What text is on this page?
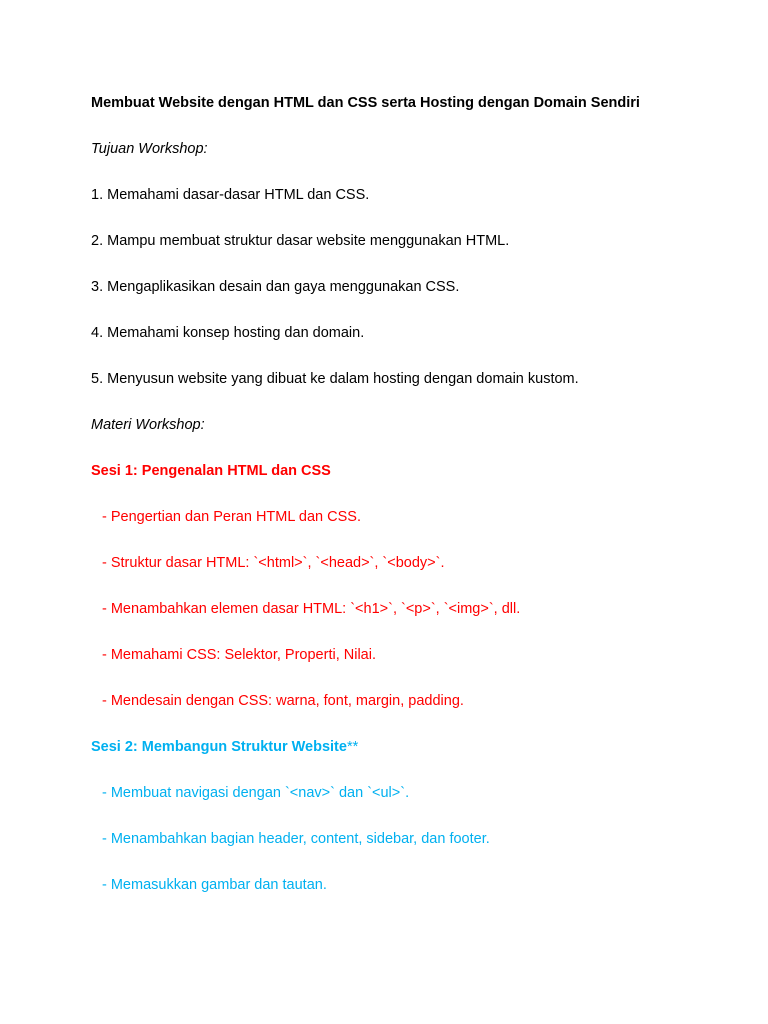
Membuat Website dengan HTML dan CSS serta Hosting dengan Domain Sendiri
Tujuan Workshop:
1. Memahami dasar-dasar HTML dan CSS.
2. Mampu membuat struktur dasar website menggunakan HTML.
3. Mengaplikasikan desain dan gaya menggunakan CSS.
4. Memahami konsep hosting dan domain.
5. Menyusun website yang dibuat ke dalam hosting dengan domain kustom.
Materi Workshop:
Sesi 1: Pengenalan HTML dan CSS
- Pengertian dan Peran HTML dan CSS.
- Struktur dasar HTML: `<html>`, `<head>`, `<body>`.
- Menambahkan elemen dasar HTML: `<h1>`, `<p>`, `<img>`, dll.
- Memahami CSS: Selektor, Properti, Nilai.
- Mendesain dengan CSS: warna, font, margin, padding.
Sesi 2: Membangun Struktur Website**
- Membuat navigasi dengan `<nav>` dan `<ul>`.
- Menambahkan bagian header, content, sidebar, dan footer.
- Memasukkan gambar dan tautan.
